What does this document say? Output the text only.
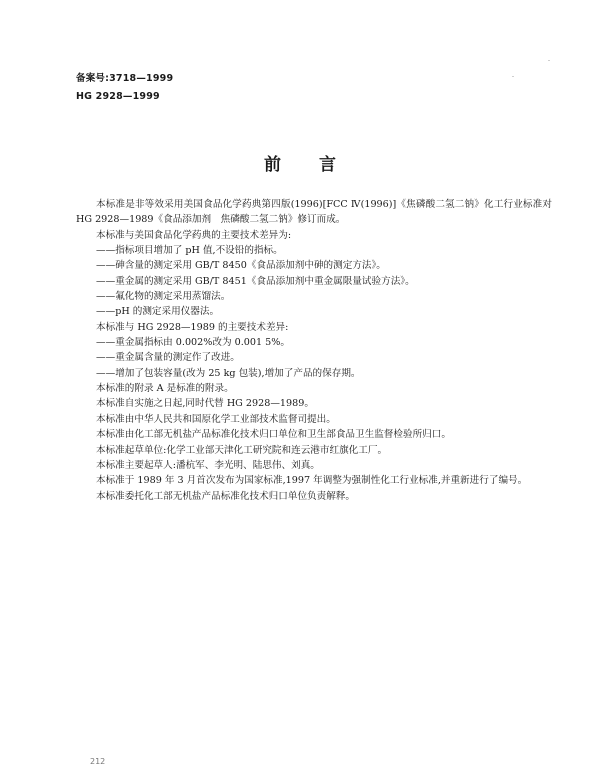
备案号:3718—1999
HG 2928—1999
前言

本标准是非等效采用美国食品化学药典第四版(1996)[FCC Ⅳ(1996)]《焦磷酸二氢二钠》化工行业标准对 HG 2928—1989《食品添加剂　焦磷酸二氢二钠》修订而成。

本标准与美国食品化学药典的主要技术差异为:

——指标项目增加了 pH 值,不设铅的指标。

——砷含量的测定采用 GB/T 8450《食品添加剂中砷的测定方法》。

——重金属的测定采用 GB/T 8451《食品添加剂中重金属限量试验方法》。

——氟化物的测定采用蒸馏法。

——pH 的测定采用仪器法。

本标准与 HG 2928—1989 的主要技术差异:

——重金属指标由 0.002%改为 0.001 5%。

——重金属含量的测定作了改进。

——增加了包装容量(改为 25 kg 包装),增加了产品的保存期。

本标准的附录 A 是标准的附录。

本标准自实施之日起,同时代替 HG 2928—1989。

本标准由中华人民共和国原化学工业部技术监督司提出。

本标准由化工部无机盐产品标准化技术归口单位和卫生部食品卫生监督检验所归口。

本标准起草单位:化学工业部天津化工研究院和连云港市红旗化工厂。

本标准主要起草人:潘杭军、李光明、陆思伟、刘真。

本标准于 1989 年 3 月首次发布为国家标准,1997 年调整为强制性化工行业标准,并重新进行了编号。

本标准委托化工部无机盐产品标准化技术归口单位负责解释。

212
